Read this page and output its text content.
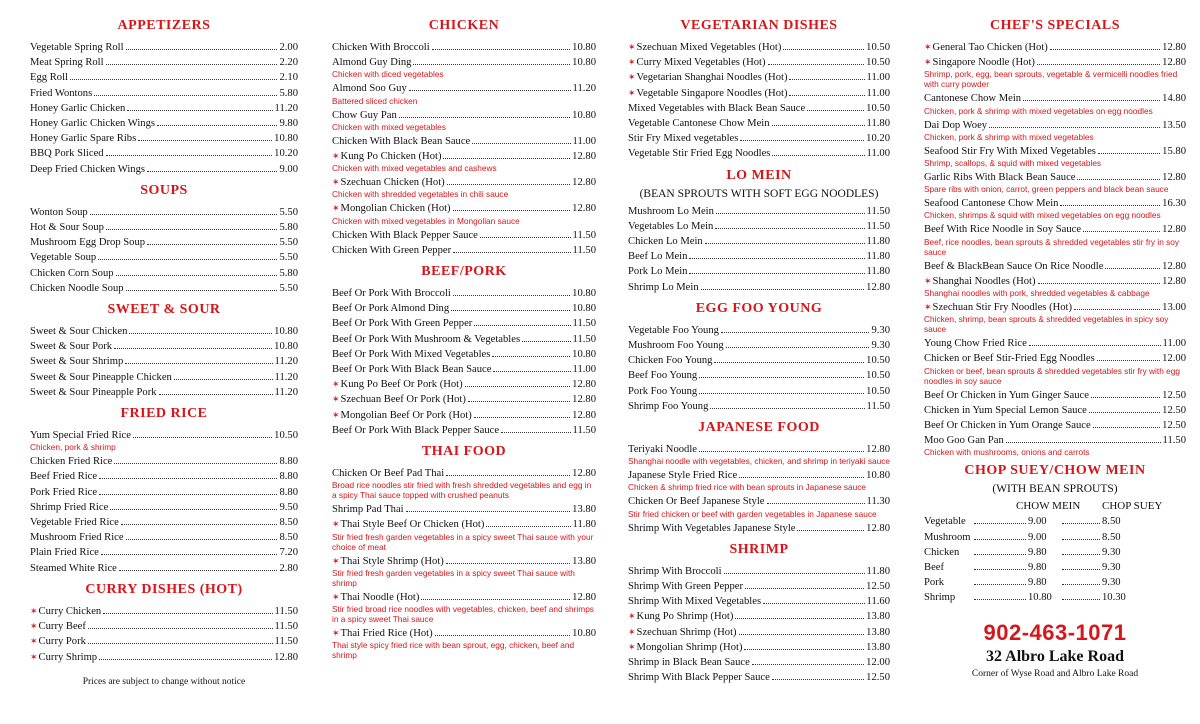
APPETIZERS
Vegetable Spring Roll	2.00
Meat Spring Roll	2.20
Egg Roll	2.10
Fried Wontons	5.80
Honey Garlic Chicken	11.20
Honey Garlic Chicken Wings	9.80
Honey Garlic Spare Ribs	10.80
BBQ Pork Sliced	10.20
Deep Fried Chicken Wings	9.00
SOUPS
Wonton Soup	5.50
Hot & Sour Soup	5.80
Mushroom Egg Drop Soup	5.50
Vegetable Soup	5.50
Chicken Corn Soup	5.80
Chicken Noodle Soup	5.50
SWEET & SOUR
Sweet & Sour Chicken	10.80
Sweet & Sour Pork	10.80
Sweet & Sour Shrimp	11.20
Sweet & Sour Pineapple Chicken	11.20
Sweet & Sour Pineapple Pork	11.20
FRIED RICE
Yum Special Fried Rice	10.50
Chicken, pork & shrimp
Chicken Fried Rice	8.80
Beef Fried Rice	8.80
Pork Fried Rice	8.80
Shrimp Fried Rice	9.50
Vegetable Fried Rice	8.50
Mushroom Fried Rice	8.50
Plain Fried Rice	7.20
Steamed White Rice	2.80
CURRY DISHES (HOT)
✶ Curry Chicken	11.50
✶ Curry Beef	11.50
✶ Curry Pork	11.50
✶ Curry Shrimp	12.80
Prices are subject to change without notice
CHICKEN
Chicken With Broccoli	10.80
Almond Guy Ding	10.80
Chicken with diced vegetables
Almond Soo Guy	11.20
Battered sliced chicken
Chow Guy Pan	10.80
Chicken with mixed vegetables
Chicken With Black Bean Sauce	11.00
✶ Kung Po Chicken (Hot)	12.80
Chicken with mixed vegetables and cashews
✶ Szechuan Chicken (Hot)	12.80
Chicken with shredded vegetables in chili sauce
✶ Mongolian Chicken (Hot)	12.80
Chicken with mixed vegetables in Mongolian sauce
Chicken With Black Pepper Sauce	11.50
Chicken With Green Pepper	11.50
BEEF/PORK
Beef Or Pork With Broccoli	10.80
Beef Or Pork Almond Ding	10.80
Beef Or Pork With Green Pepper	11.50
Beef Or Pork With Mushroom & Vegetables	11.50
Beef Or Pork With Mixed Vegetables	10.80
Beef Or Pork With Black Bean Sauce	11.00
✶ Kung Po Beef Or Pork (Hot)	12.80
✶ Szechuan Beef Or Pork (Hot)	12.80
✶ Mongolian Beef Or Pork (Hot)	12.80
Beef Or Pork With Black Pepper Sauce	11.50
THAI FOOD
Chicken Or Beef Pad Thai	12.80
Broad rice noodles stir fried with fresh shredded vegetables and egg in a spicy Thai sauce topped with crushed peanuts
Shrimp Pad Thai	13.80
✶ Thai Style Beef Or Chicken (Hot)	11.80
Stir fried fresh garden vegetables in a spicy sweet Thai sauce with your choice of meat
✶ Thai Style Shrimp (Hot)	13.80
Stir fried fresh garden vegetables in a spicy sweet Thai sauce with shrimp
✶ Thai Noodle (Hot)	12.80
Stir fried broad rice noodles with vegetables, chicken, beef and shrimps in a spicy sweet Thai sauce
✶ Thai Fried Rice (Hot)	10.80
Thai style spicy fried rice with bean sprout, egg, chicken, beef and shrimp
VEGETARIAN DISHES
✶ Szechuan Mixed Vegetables (Hot)	10.50
✶ Curry Mixed Vegetables (Hot)	10.50
✶ Vegetarian Shanghai Noodles (Hot)	11.00
✶ Vegetable Singapore Noodles (Hot)	11.00
Mixed Vegetables with Black Bean Sauce	10.50
Vegetable Cantonese Chow Mein	11.80
Stir Fry Mixed vegetables	10.20
Vegetable Stir Fried Egg Noodles	11.00
LO MEIN
(BEAN SPROUTS WITH SOFT EGG NOODLES)
Mushroom Lo Mein	11.50
Vegetables Lo Mein	11.50
Chicken Lo Mein	11.80
Beef Lo Mein	11.80
Pork Lo Mein	11.80
Shrimp Lo Mein	12.80
EGG FOO YOUNG
Vegetable Foo Young	9.30
Mushroom Foo Young	9.30
Chicken Foo Young	10.50
Beef Foo Young	10.50
Pork Foo Young	10.50
Shrimp Foo Young	11.50
JAPANESE FOOD
Teriyaki Noodle	12.80
Shanghai noodle with vegetables, chicken, and shrimp in teriyaki sauce
Japanese Style Fried Rice	10.80
Chicken & shrimp fried rice with bean sprouts in Japanese sauce
Chicken Or Beef Japanese Style	11.30
Stir fried chicken or beef with garden vegetables in Japanese sauce
Shrimp With Vegetables Japanese Style	12.80
SHRIMP
Shrimp With Broccoli	11.80
Shrimp With Green Pepper	12.50
Shrimp With Mixed Vegetables	11.60
✶ Kung Po Shrimp (Hot)	13.80
✶ Szechuan Shrimp (Hot)	13.80
✶ Mongolian Shrimp (Hot)	13.80
Shrimp in Black Bean Sauce	12.00
Shrimp With Black Pepper Sauce	12.50
CHEF'S SPECIALS
✶ General Tao Chicken (Hot)	12.80
✶ Singapore Noodle (Hot)	12.80
Shrimp, pork, egg, bean sprouts, vegetable & vermicelli noodles fried with curry powder
Cantonese Chow Mein	14.80
Chicken, pork & shrimp with mixed vegetables on egg noodles
Dai Dop Woey	13.50
Chicken, pork & shrimp with mixed vegetables
Seafood Stir Fry With Mixed Vegetables	15.80
Shrimp, scallops, & squid with mixed vegetables
Garlic Ribs With Black Bean Sauce	12.80
Spare ribs with onion, carrot, green peppers and black bean sauce
Seafood Cantonese Chow Mein	16.30
Chicken, shrimps & squid with mixed vegetables on egg noodles
Beef With Rice Noodle in Soy Sauce	12.80
Beef, rice noodles, bean sprouts & shredded vegetables stir fry in soy sauce
Beef & BlackBean Sauce On Rice Noodle	12.80
✶ Shanghai Noodles (Hot)	12.80
Shanghai noodles with pork, shredded vegetables & cabbage
✶ Szechuan Stir Fry Noodles (Hot)	13.00
Chicken, shrimp, bean sprouts & shredded vegetables in spicy soy sauce
Young Chow Fried Rice	11.00
Chicken or Beef Stir-Fried Egg Noodles	12.00
Chicken or beef, bean sprouts & shredded vegetables stir fry with egg noodles in soy sauce
Beef Or Chicken in Yum Ginger Sauce	12.50
Chicken in Yum Special Lemon Sauce	12.50
Beef Or Chicken in Yum Orange Sauce	12.50
Moo Goo Gan Pan	11.50
Chicken with mushrooms, onions and carrots
CHOP SUEY/CHOW MEIN
(WITH BEAN SPROUTS)
CHOW MEIN	CHOP SUEY
Vegetable	9.00	8.50
Mushroom	9.00	8.50
Chicken	9.80	9.30
Beef	9.80	9.30
Pork	9.80	9.30
Shrimp	10.80	10.30
902-463-1071
32 Albro Lake Road
Corner of Wyse Road and Albro Lake Road
